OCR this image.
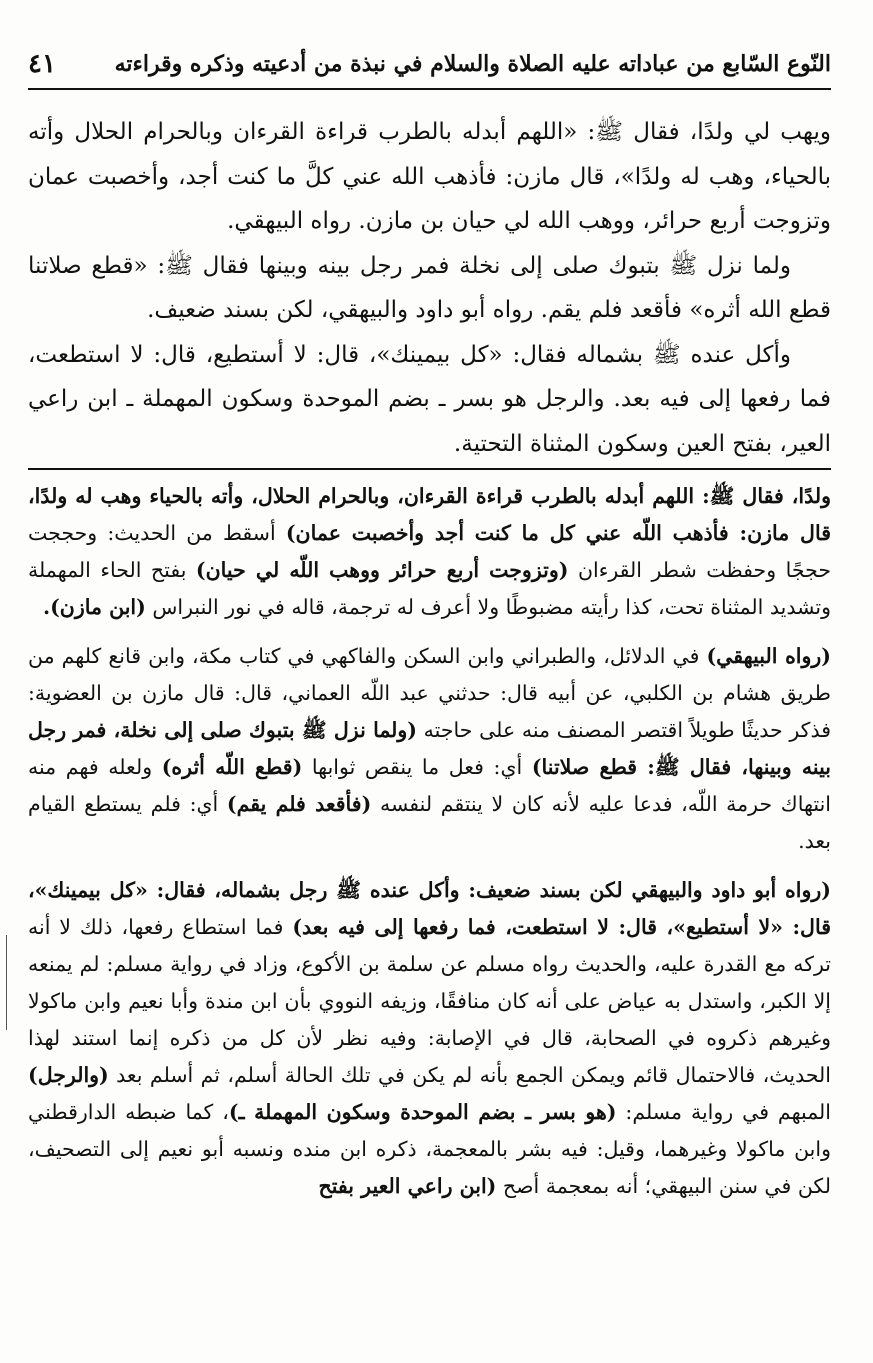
النّوع السّابع من عباداته عليه الصلاة والسلام في نبذة من أدعيته وذكره وقراءته
٤١

ويهب لي ولدًا، فقال ﷺ: «اللهم أبدله بالطرب قراءة القرءان وبالحرام الحلال وأته بالحياء، وهب له ولدًا»، قال مازن: فأذهب الله عني كلَّ ما كنت أجد، وأخصبت عمان وتزوجت أربع حرائر، ووهب الله لي حيان بن مازن. رواه البيهقي.

ولما نزل ﷺ بتبوك صلى إلى نخلة فمر رجل بينه وبينها فقال ﷺ: «قطع صلاتنا قطع الله أثره» فأقعد فلم يقم. رواه أبو داود والبيهقي، لكن بسند ضعيف.

وأكل عنده ﷺ بشماله فقال: «كل بيمينك»، قال: لا أستطيع، قال: لا استطعت، فما رفعها إلى فيه بعد. والرجل هو بسر ـ بضم الموحدة وسكون المهملة ـ ابن راعي العير، بفتح العين وسكون المثناة التحتية.

ولدًا، فقال ﷺ: اللهم أبدله بالطرب قراءة القرءان، وبالحرام الحلال، وأته بالحياء وهب له ولدًا، قال مازن: فأذهب اللّه عني كل ما كنت أجد وأخصبت عمان) أسقط من الحديث: وحججت حججًا وحفظت شطر القرءان (وتزوجت أربع حرائر ووهب اللّه لي حيان) بفتح الحاء المهملة وتشديد المثناة تحت، كذا رأيته مضبوطًا ولا أعرف له ترجمة، قاله في نور النبراس (ابن مازن).

(رواه البيهقي) في الدلائل، والطبراني وابن السكن والفاكهي في كتاب مكة، وابن قانع كلهم من طريق هشام بن الكلبي، عن أبيه قال: حدثني عبد اللّه العماني، قال: قال مازن بن العضوية: فذكر حديثًا طويلاً اقتصر المصنف منه على حاجته (ولما نزل ﷺ بتبوك صلى إلى نخلة، فمر رجل بينه وبينها، فقال ﷺ: قطع صلاتنا) أي: فعل ما ينقص ثوابها (قطع اللّه أثره) ولعله فهم منه انتهاك حرمة اللّه، فدعا عليه لأنه كان لا ينتقم لنفسه (فأقعد فلم يقم) أي: فلم يستطع القيام بعد.

(رواه أبو داود والبيهقي لكن بسند ضعيف: وأكل عنده ﷺ رجل بشماله، فقال: «كل بيمينك»، قال: «لا أستطيع»، قال: لا استطعت، فما رفعها إلى فيه بعد) فما استطاع رفعها، ذلك لا أنه تركه مع القدرة عليه، والحديث رواه مسلم عن سلمة بن الأكوع، وزاد في رواية مسلم: لم يمنعه إلا الكبر، واستدل به عياض على أنه كان منافقًا، وزيفه النووي بأن ابن مندة وأبا نعيم وابن ماكولا وغيرهم ذكروه في الصحابة، قال في الإصابة: وفيه نظر لأن كل من ذكره إنما استند لهذا الحديث، فالاحتمال قائم ويمكن الجمع بأنه لم يكن في تلك الحالة أسلم، ثم أسلم بعد (والرجل) المبهم في رواية مسلم: (هو بسر ـ بضم الموحدة وسكون المهملة ـ)، كما ضبطه الدارقطني وابن ماكولا وغيرهما، وقيل: فيه بشر بالمعجمة، ذكره ابن منده ونسبه أبو نعيم إلى التصحيف، لكن في سنن البيهقي؛ أنه بمعجمة أصح (ابن راعي العير بفتح
